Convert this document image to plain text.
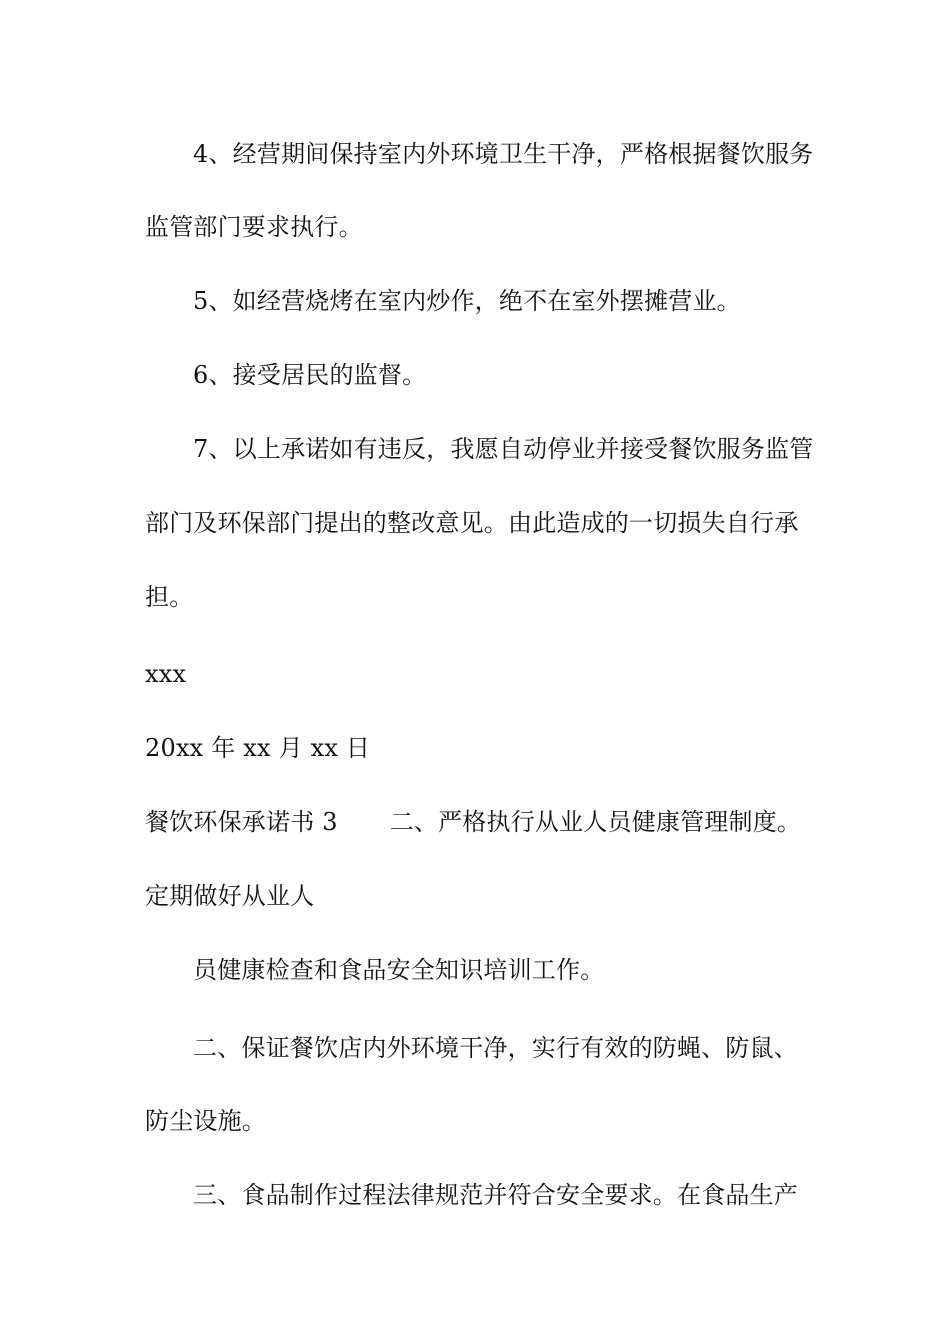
4、经营期间保持室内外环境卫生干净，严格根据餐饮服务
监管部门要求执行。
5、如经营烧烤在室内炒作，绝不在室外摆摊营业。
6、接受居民的监督。
7、以上承诺如有违反，我愿自动停业并接受餐饮服务监管
部门及环保部门提出的整改意见。由此造成的一切损失自行承
担。
xxx
20xx 年 xx 月 xx 日
餐饮环保承诺书 3 二、严格执行从业人员健康管理制度。
定期做好从业人
员健康检查和食品安全知识培训工作。
二、保证餐饮店内外环境干净，实行有效的防蝇、防鼠、
防尘设施。
三、食品制作过程法律规范并符合安全要求。在食品生产
